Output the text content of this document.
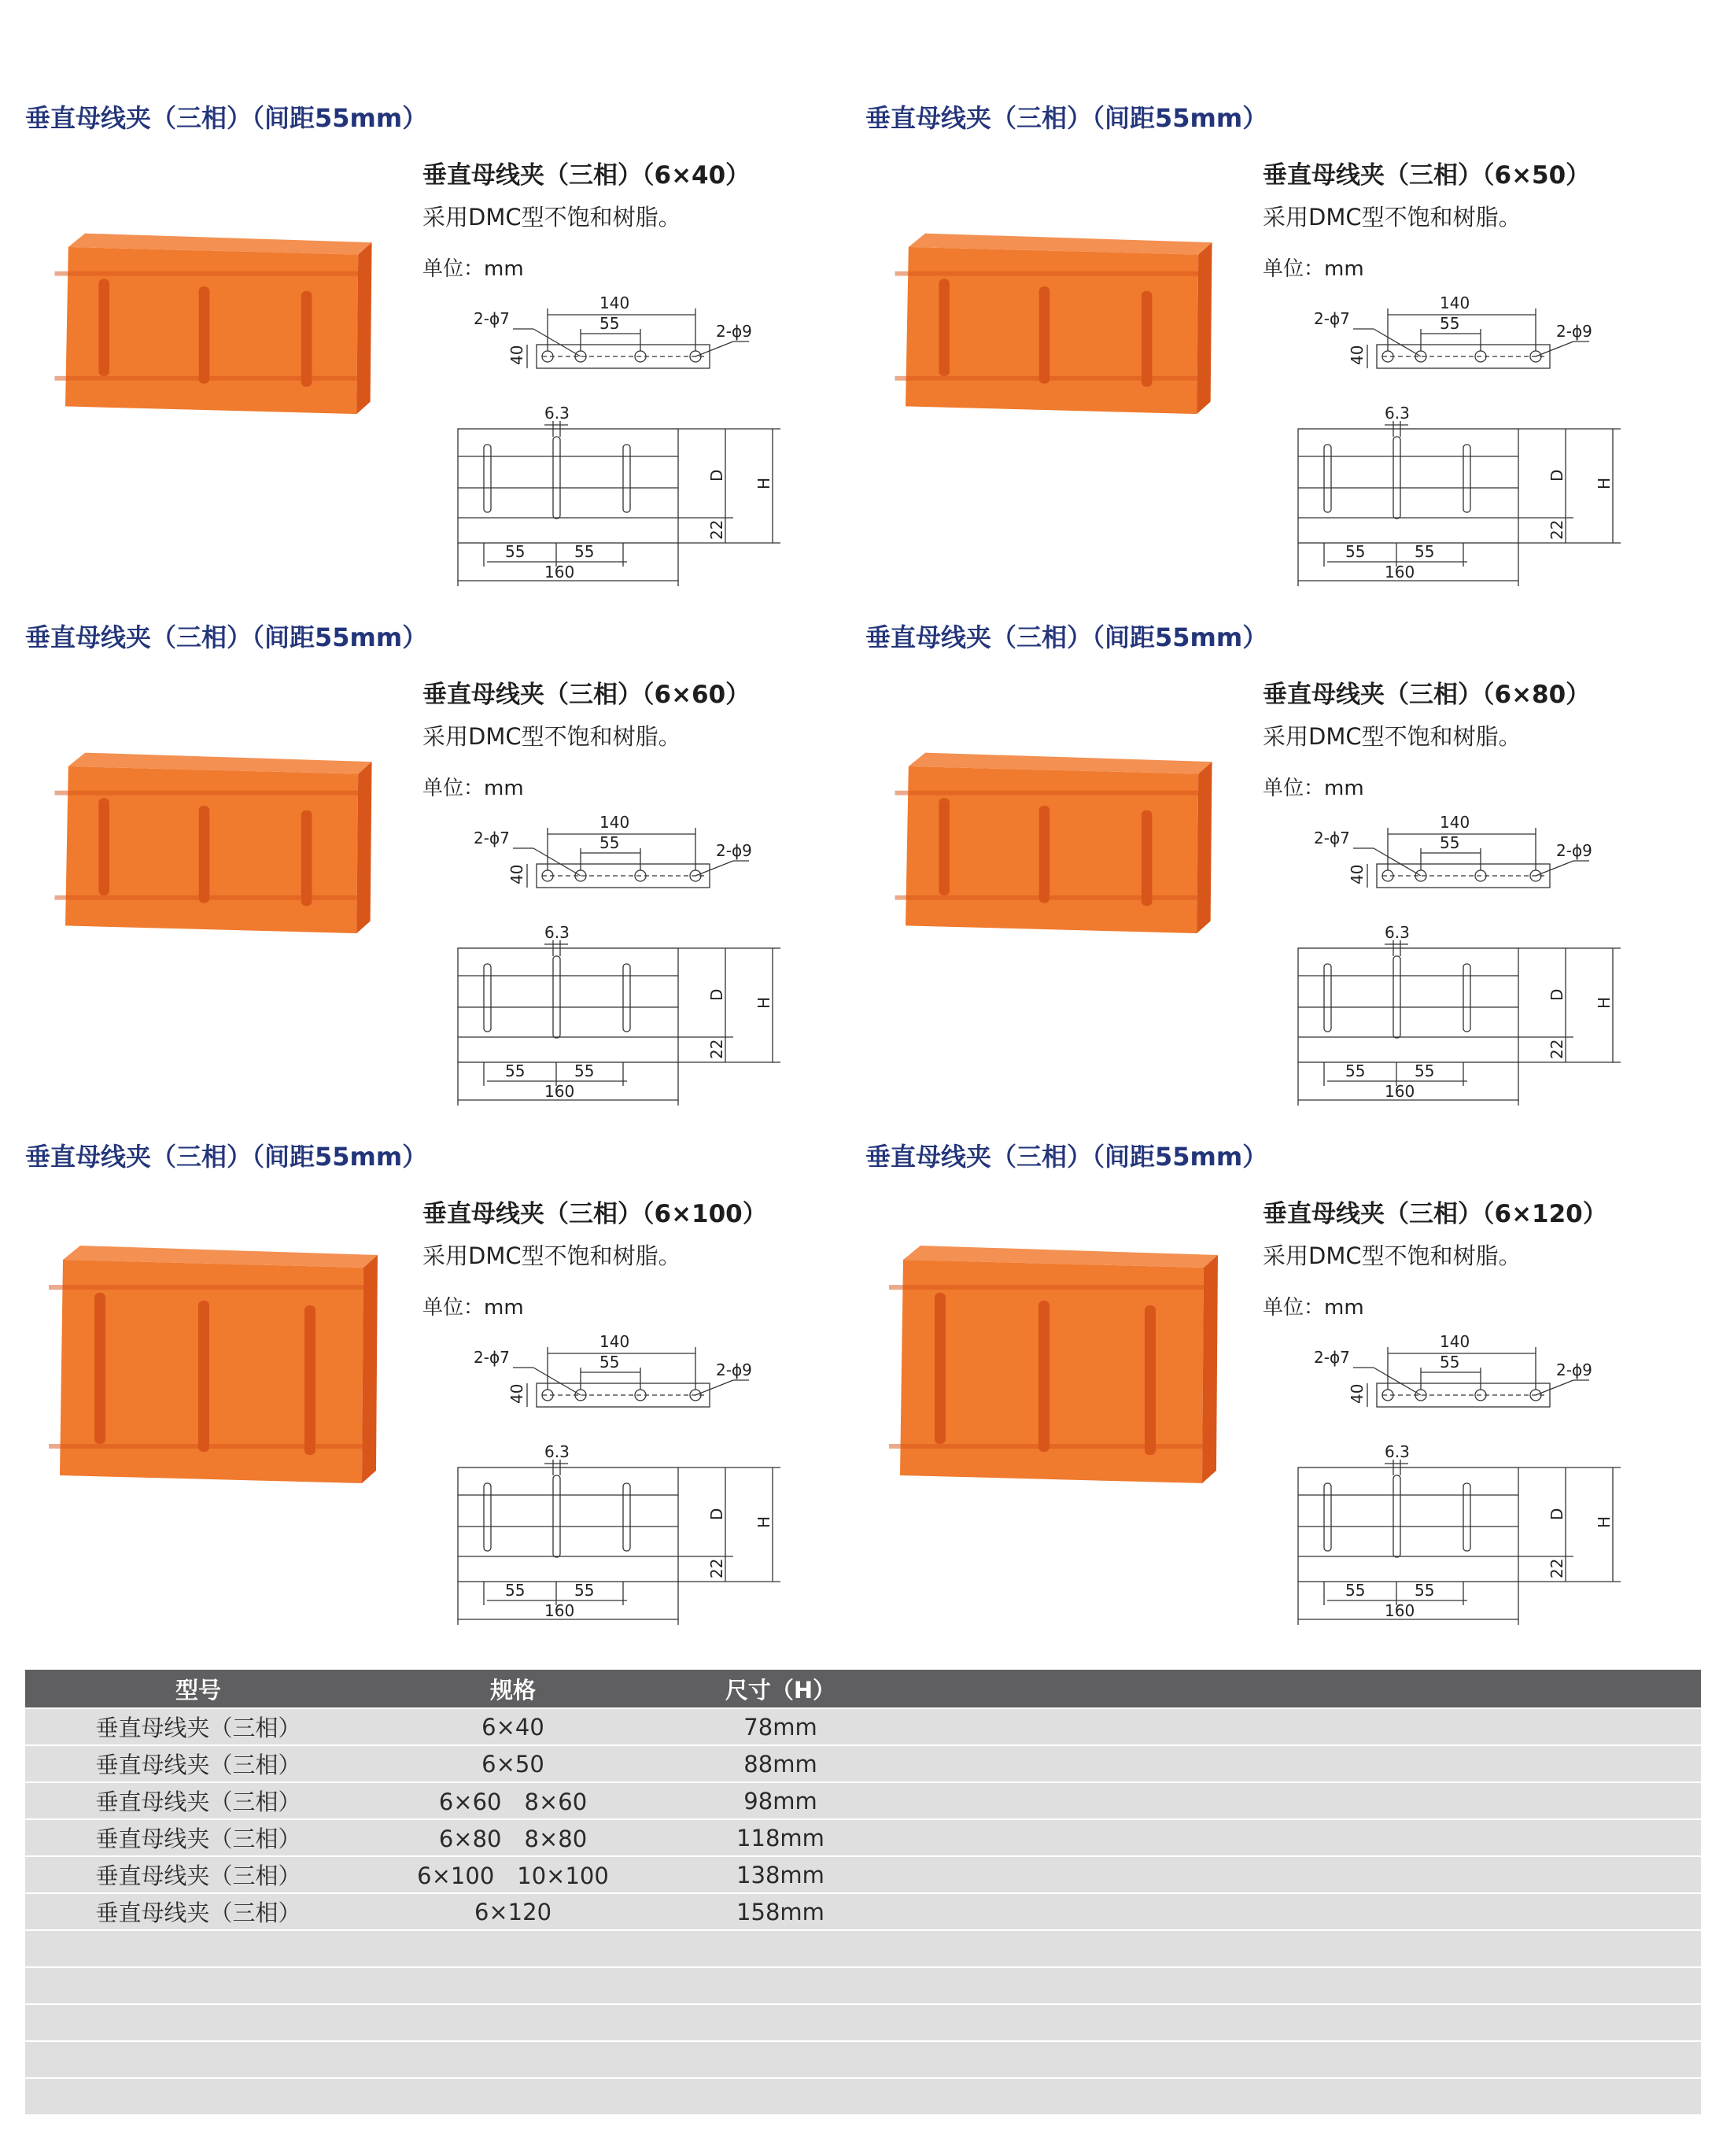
垂直母线夹（三相）（间距55mm）
垂直母线夹（三相）（6×40）
采用DMC型不饱和树脂。
单位：mm
140
55
2-ϕ7
2-ϕ9
40
6.3
D
H
22
55	55
160
垂直母线夹（三相）（间距55mm）
垂直母线夹（三相）（6×50）
采用DMC型不饱和树脂。
单位：mm
140
55
2-ϕ7
2-ϕ9
40
6.3
D
H
22
55	55
160
垂直母线夹（三相）（间距55mm）
垂直母线夹（三相）（6×60）
采用DMC型不饱和树脂。
单位：mm
140
55
2-ϕ7
2-ϕ9
40
6.3
D
H
22
55	55
160
垂直母线夹（三相）（间距55mm）
垂直母线夹（三相）（6×80）
采用DMC型不饱和树脂。
单位：mm
140
55
2-ϕ7
2-ϕ9
40
6.3
D
H
22
55	55
160
垂直母线夹（三相）（间距55mm）
垂直母线夹（三相）（6×100）
采用DMC型不饱和树脂。
单位：mm
140
55
2-ϕ7
2-ϕ9
40
6.3
D
H
22
55	55
160
垂直母线夹（三相）（间距55mm）
垂直母线夹（三相）（6×120）
采用DMC型不饱和树脂。
单位：mm
140
55
2-ϕ7
2-ϕ9
40
6.3
D
H
22
55	55
160
型号	规格	尺寸（H）
垂直母线夹（三相）	6×40	78mm
垂直母线夹（三相）	6×50	88mm
垂直母线夹（三相）	6×60　8×60	98mm
垂直母线夹（三相）	6×80　8×80	118mm
垂直母线夹（三相）	6×100　10×100	138mm
垂直母线夹（三相）	6×120	158mm
